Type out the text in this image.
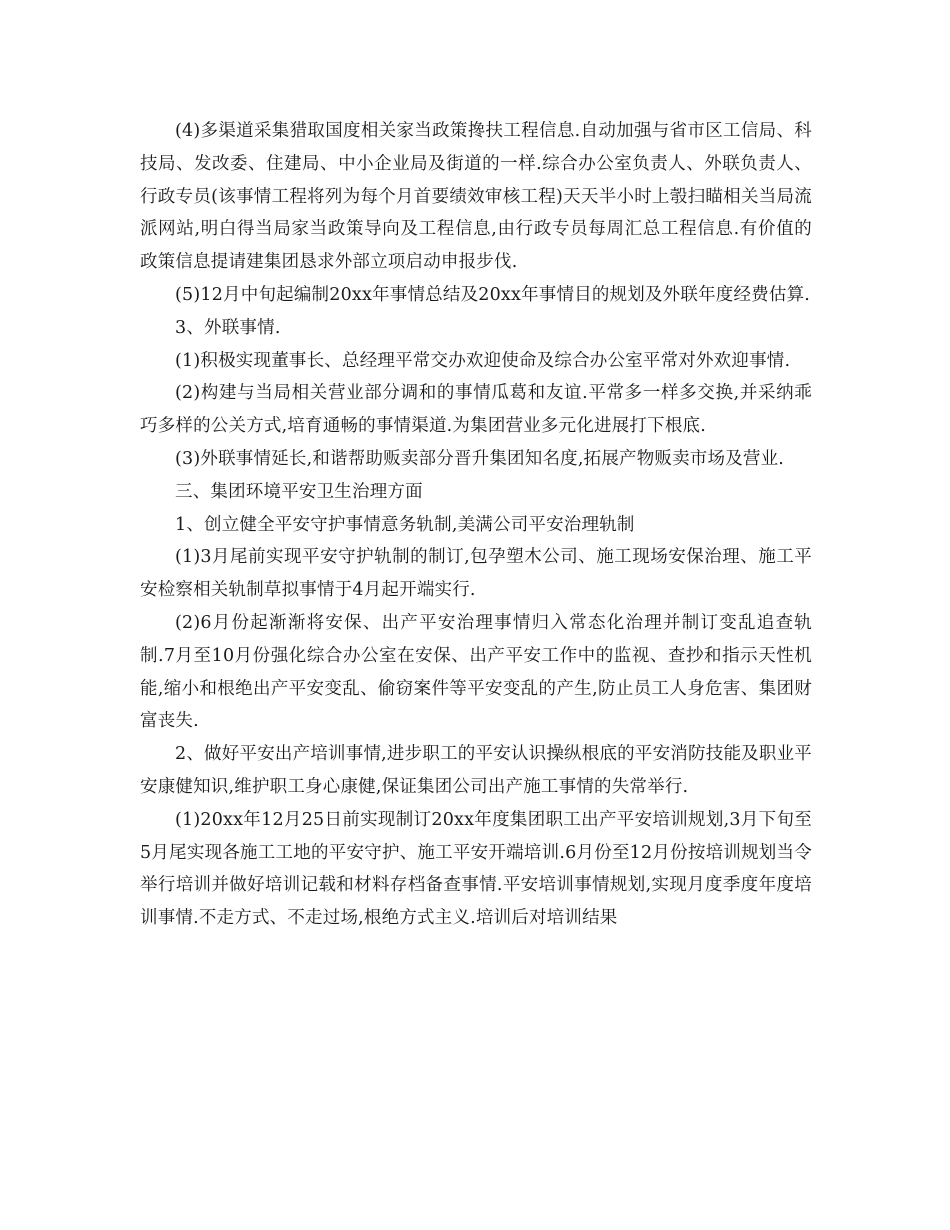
(4)多渠道采集猎取国度相关家当政策搀扶工程信息.自动加强与省市区工信局、科技局、发改委、住建局、中小企业局及街道的一样.综合办公室负责人、外联负责人、行政专员(该事情工程将列为每个月首要绩效审核工程)天天半小时上彀扫瞄相关当局流派网站,明白得当局家当政策导向及工程信息,由行政专员每周汇总工程信息.有价值的政策信息提请建集团恳求外部立项启动申报步伐.

(5)12月中旬起编制20xx年事情总结及20xx年事情目的规划及外联年度经费估算.

3、外联事情.

(1)积极实现董事长、总经理平常交办欢迎使命及综合办公室平常对外欢迎事情.

(2)构建与当局相关营业部分调和的事情瓜葛和友谊.平常多一样多交换,并采纳乖巧多样的公关方式,培育通畅的事情渠道.为集团营业多元化进展打下根底.

(3)外联事情延长,和谐帮助贩卖部分晋升集团知名度,拓展产物贩卖市场及营业.

三、集团环境平安卫生治理方面

1、创立健全平安守护事情意务轨制,美满公司平安治理轨制

(1)3月尾前实现平安守护轨制的制订,包孕塑木公司、施工现场安保治理、施工平安检察相关轨制草拟事情于4月起开端实行.

(2)6月份起渐渐将安保、出产平安治理事情归入常态化治理并制订变乱追查轨制.7月至10月份强化综合办公室在安保、出产平安工作中的监视、查抄和指示天性机能,缩小和根绝出产平安变乱、偷窃案件等平安变乱的产生,防止员工人身危害、集团财富丧失.

2、做好平安出产培训事情,进步职工的平安认识操纵根底的平安消防技能及职业平安康健知识,维护职工身心康健,保证集团公司出产施工事情的失常举行.

(1)20xx年12月25日前实现制订20xx年度集团职工出产平安培训规划,3月下旬至5月尾实现各施工工地的平安守护、施工平安开端培训.6月份至12月份按培训规划当令举行培训并做好培训记载和材料存档备查事情.平安培训事情规划,实现月度季度年度培训事情.不走方式、不走过场,根绝方式主义.培训后对培训结果
